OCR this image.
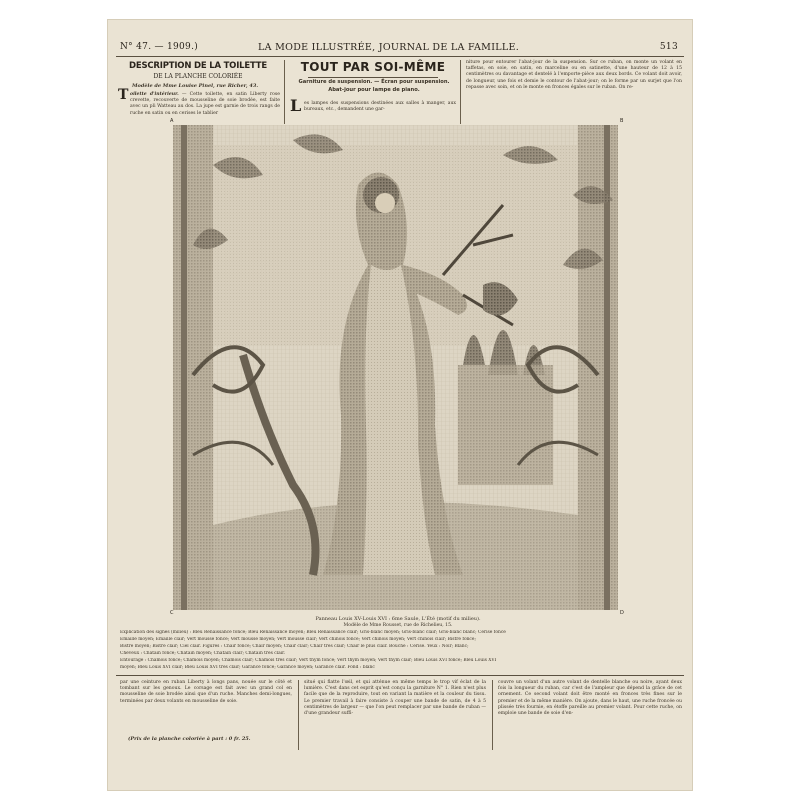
N° 47. — 1909.)	LA MODE ILLUSTRÉE, JOURNAL DE LA FAMILLE.	513
DESCRIPTION DE LA TOILETTE
DE LA PLANCHE COLORIÉE
Modèle de Mme Louise Pinel, rue Richer, 43.
T oilette d'intérieur. — Cette toilette, en satin Liberty rose crevette, recouverte de mousseline de soie brodée, est faite avec un pli Watteau au dos. La jupe est garnie de trois rangs de ruche en satin ou en cerises le tablier
TOUT PAR SOI-MÊME
Garniture de suspension. — Écran pour suspension.
Abat-jour pour lampe de piano.
L es lampes des suspensions destinées aux salles à manger, aux bureaux, etc., demandent une gar-
niture pour entourer l'abat-jour de la suspension. Sur ce ruban, on monte un volant en taffetas, en soie, en satin, en marceline ou en satinette, d'une hauteur de 12 à 15 centimètres ou davantage et dentelé à l'emporte-pièce aux deux bords. Ce volant doit avoir, de longueur, une fois et demie le contour de l'abat-jour; on le forme par un surjet que l'on repasse avec soin, et on le monte en fronces égales sur le ruban. On re-
A	B
C	D
Panneau Louis XV-Louis XVI : 6me Saule, L'Été (motif du milieu).
Modèle de Mme Rousset, rue de Richelieu, 15.
Explication des signes (milieu) : Bleu Renaissance foncé; Bleu Renaissance moyen; Bleu Renaissance clair; Gris-blanc moyen; Gris-blanc clair; Gris-blanc blanc; Cerise foncé
Emaille moyen; Emaille clair; Vert mousse foncé; Vert mousse moyen; Vert mousse clair; Vert chinois foncé; Vert chinois moyen; Vert chinois clair; Bistre foncé;
Bistre moyen; Bistre clair; Ciel clair. Figures : Chair foncé; Chair moyen; Chair clair; Chair très clair; Chair le plus clair. Bouche : Cerise. Yeux : Noir; Blanc;
Cheveux : Châtain foncé; Châtain moyen; Châtain clair; Châtain très clair.
Entourage : Chamois foncé; Chamois moyen; Chamois clair; Chamois très clair; Vert thym foncé; Vert thym moyen; Vert thym clair; Bleu Louis XVI foncé; Bleu Louis XVI
moyen; Bleu Louis XVI clair; Bleu Louis XVI très clair; Garance foncé; Garance moyen; Garance clair. Fond : blanc
par une ceinture en ruban Liberty à longs pans, nouée sur le côté et tombant sur les genoux. Le corsage est fait avec un grand col en mousseline de soie brodée ainsi que d'un ruche. Manches demi-longues, terminées par deux volants en mousseline de soie.
(Prix de la planche coloriée à part : 0 fr. 25.
situé qui flatte l'œil, et qui atténue en même temps le trop vif éclat de la lumière. C'est dans cet esprit qu'est conçu la garniture N° 1. Rien n'est plus facile que de la reproduire, tout en variant la matière et la couleur du tissu. Le premier travail à faire consiste à couper une bande de satin, de 4 à 5 centimètres de largeur — que l'on peut remplacer par une bande de ruban — d'une grandeur suffi-
couvre un volant d'un autre volant de dentelle blanche ou noire, ayant deux fois la longueur du ruban, car c'est de l'ampleur que dépend la grâce de cet ornement. Ce second volant doit être monté en fronces très fines sur le premier et de la même manière. On ajoute, dans le haut, une ruche froncée ou plissée très fournie, en étoffe pareille au premier volant. Pour cette ruche, on emploie une bande de soie d'en-
